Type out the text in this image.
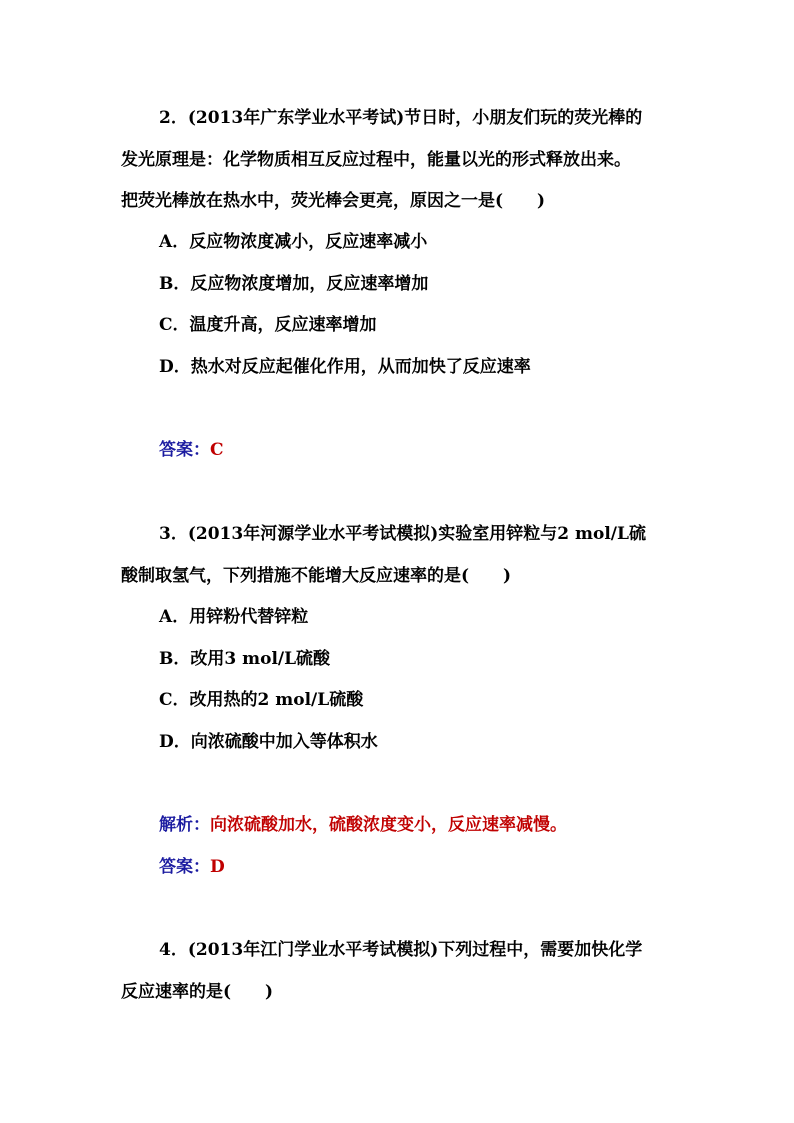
2．(2013年广东学业水平考试)节日时，小朋友们玩的荧光棒的
发光原理是：化学物质相互反应过程中，能量以光的形式释放出来。
把荧光棒放在热水中，荧光棒会更亮，原因之一是(　　)
A．反应物浓度减小，反应速率减小
B．反应物浓度增加，反应速率增加
C．温度升高，反应速率增加
D．热水对反应起催化作用，从而加快了反应速率
答案：C
3．(2013年河源学业水平考试模拟)实验室用锌粒与2 mol/L硫
酸制取氢气，下列措施不能增大反应速率的是(　　)
A．用锌粉代替锌粒
B．改用3 mol/L硫酸
C．改用热的2 mol/L硫酸
D．向浓硫酸中加入等体积水
解析：向浓硫酸加水，硫酸浓度变小，反应速率减慢。
答案：D
4．(2013年江门学业水平考试模拟)下列过程中，需要加快化学
反应速率的是(　　)
